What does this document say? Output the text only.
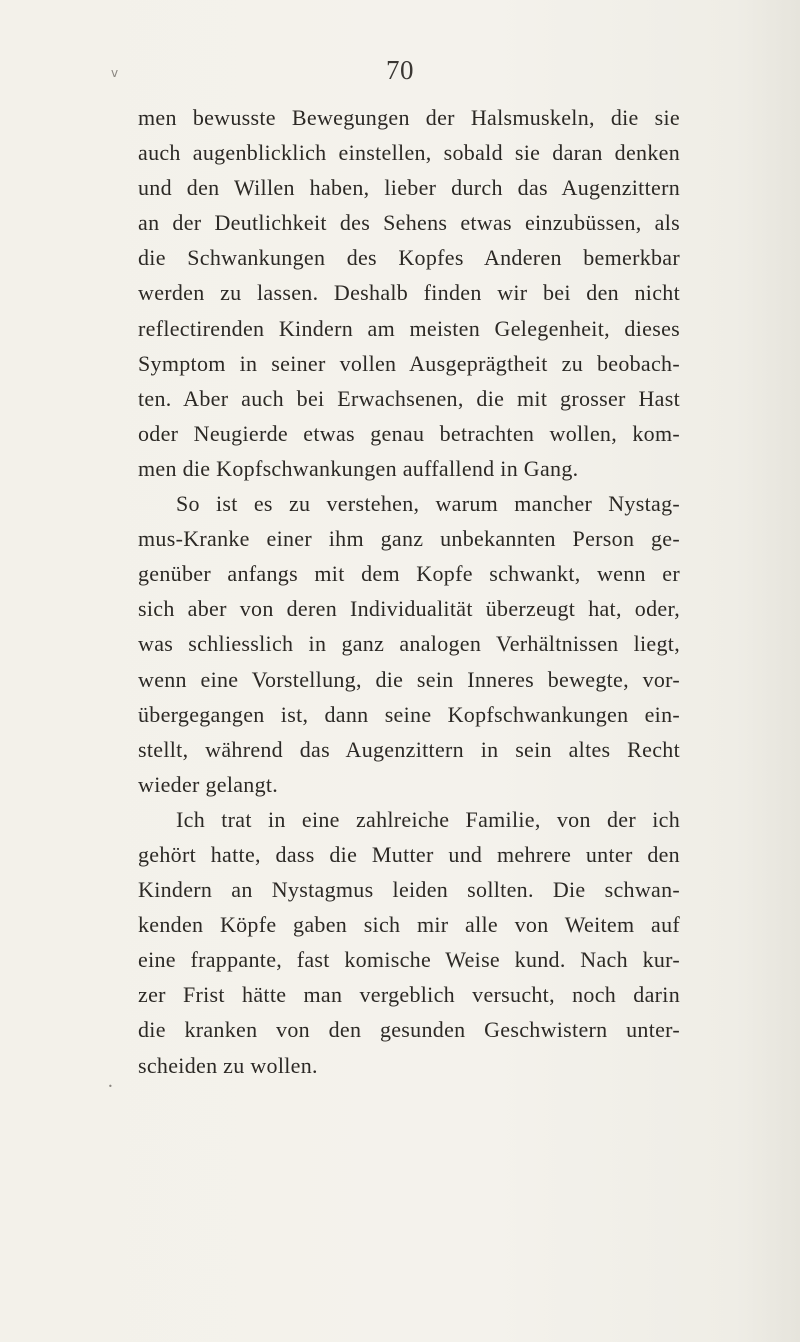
v
•
70
men bewusste Bewegungen der Halsmuskeln, die sie
auch augenblicklich einstellen, sobald sie daran denken
und den Willen haben, lieber durch das Augenzittern
an der Deutlichkeit des Sehens etwas einzubüssen, als
die Schwankungen des Kopfes Anderen bemerkbar
werden zu lassen. Deshalb finden wir bei den nicht
reflectirenden Kindern am meisten Gelegenheit, dieses
Symptom in seiner vollen Ausgeprägtheit zu beobach-
ten. Aber auch bei Erwachsenen, die mit grosser Hast
oder Neugierde etwas genau betrachten wollen, kom-
men die Kopfschwankungen auffallend in Gang.
So ist es zu verstehen, warum mancher Nystag-
mus-Kranke einer ihm ganz unbekannten Person ge-
genüber anfangs mit dem Kopfe schwankt, wenn er
sich aber von deren Individualität überzeugt hat, oder,
was schliesslich in ganz analogen Verhältnissen liegt,
wenn eine Vorstellung, die sein Inneres bewegte, vor-
übergegangen ist, dann seine Kopfschwankungen ein-
stellt, während das Augenzittern in sein altes Recht
wieder gelangt.
Ich trat in eine zahlreiche Familie, von der ich
gehört hatte, dass die Mutter und mehrere unter den
Kindern an Nystagmus leiden sollten. Die schwan-
kenden Köpfe gaben sich mir alle von Weitem auf
eine frappante, fast komische Weise kund. Nach kur-
zer Frist hätte man vergeblich versucht, noch darin
die kranken von den gesunden Geschwistern unter-
scheiden zu wollen.
